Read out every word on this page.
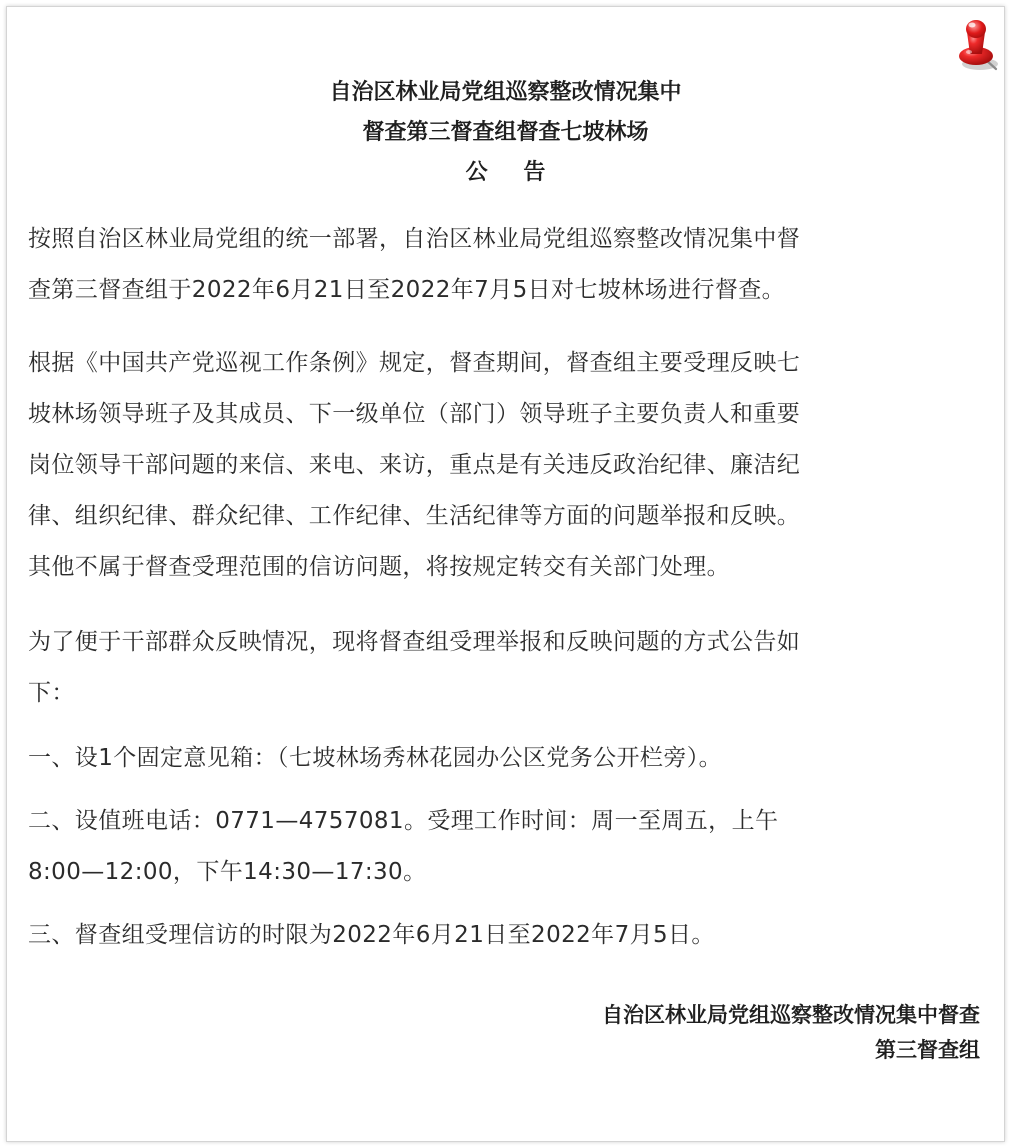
自治区林业局党组巡察整改情况集中
督查第三督查组督查七坡林场
公 告
按照自治区林业局党组的统一部署，自治区林业局党组巡察整改情况集中督
查第三督查组于2022年6月21日至2022年7月5日对七坡林场进行督查。
根据《中国共产党巡视工作条例》规定，督查期间，督查组主要受理反映七
坡林场领导班子及其成员、下一级单位（部门）领导班子主要负责人和重要
岗位领导干部问题的来信、来电、来访，重点是有关违反政治纪律、廉洁纪
律、组织纪律、群众纪律、工作纪律、生活纪律等方面的问题举报和反映。
其他不属于督查受理范围的信访问题，将按规定转交有关部门处理。
为了便于干部群众反映情况，现将督查组受理举报和反映问题的方式公告如
下：
一、设1个固定意见箱：（七坡林场秀林花园办公区党务公开栏旁）。
二、设值班电话：0771—4757081。受理工作时间：周一至周五，上午
8:00—12:00，下午14:30—17:30。
三、督查组受理信访的时限为2022年6月21日至2022年7月5日。
自治区林业局党组巡察整改情况集中督查
第三督查组
